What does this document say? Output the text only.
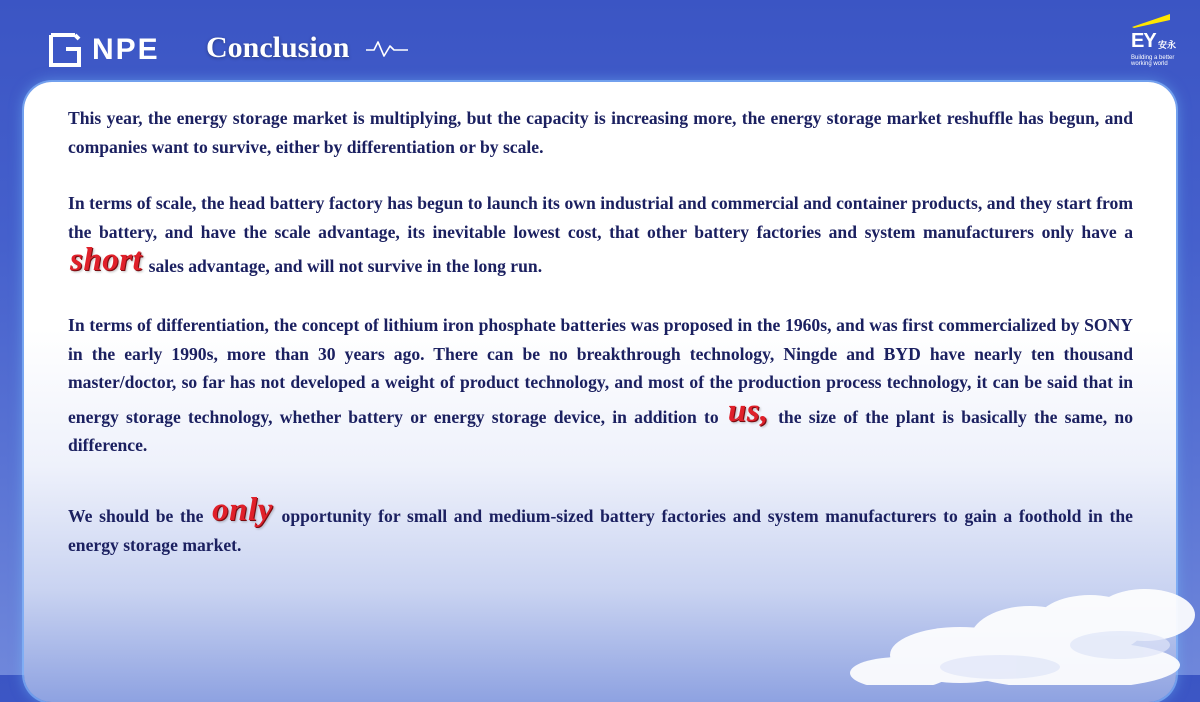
NPE Conclusion	EY 安永
Building a better working world

This year, the energy storage market is multiplying, but the capacity is increasing more, the energy storage market reshuffle has begun, and companies want to survive, either by differentiation or by scale.

In terms of scale, the head battery factory has begun to launch its own industrial and commercial and container products, and they start from the battery, and have the scale advantage, its inevitable lowest cost, that other battery factories and system manufacturers only have a short sales advantage, and will not survive in the long run.

In terms of differentiation, the concept of lithium iron phosphate batteries was proposed in the 1960s, and was first commercialized by SONY in the early 1990s, more than 30 years ago. There can be no breakthrough technology, Ningde and BYD have nearly ten thousand master/doctor, so far has not developed a weight of product technology, and most of the production process technology, it can be said that in energy storage technology, whether battery or energy storage device, in addition to us, the size of the plant is basically the same, no difference.

We should be the only opportunity for small and medium-sized battery factories and system manufacturers to gain a foothold in the energy storage market.
